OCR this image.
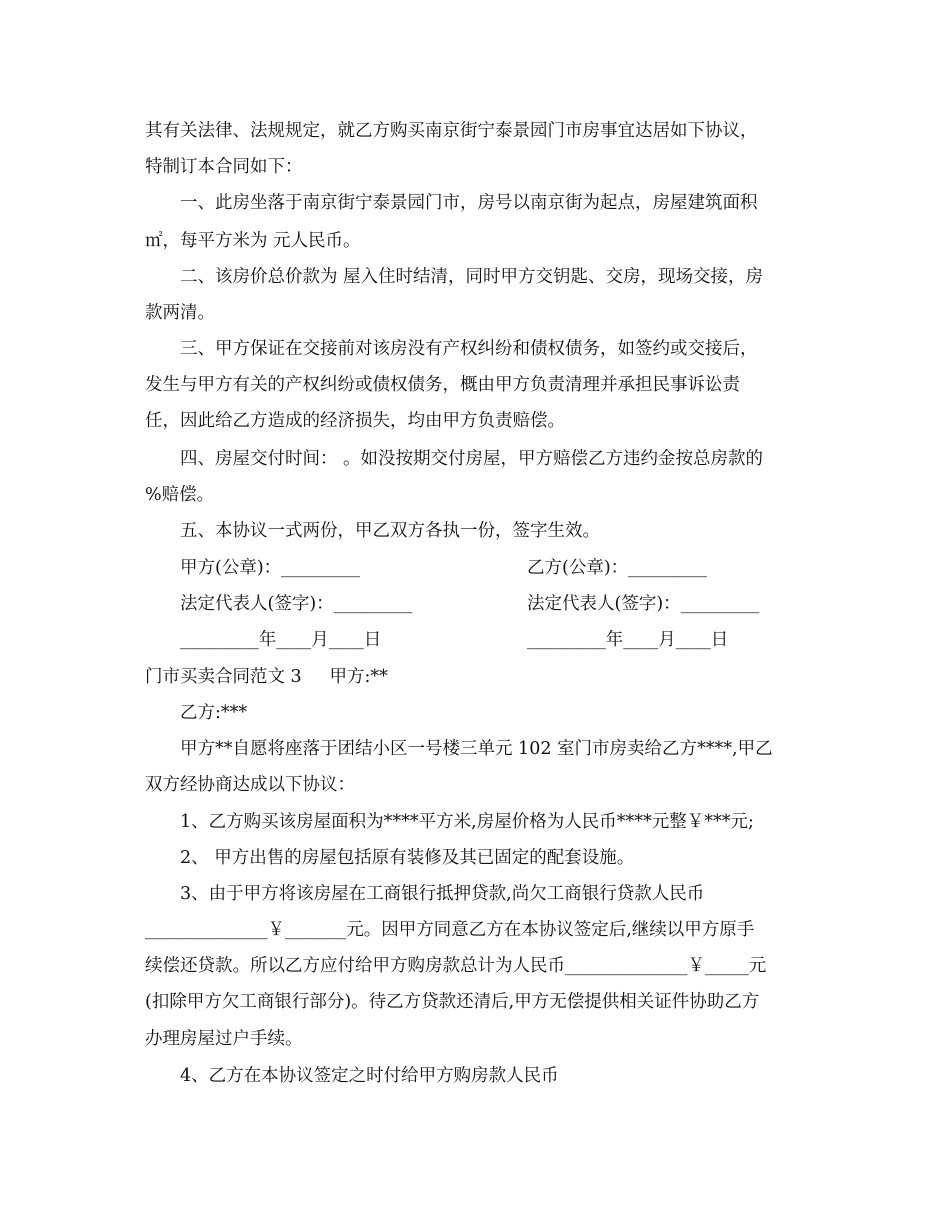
其有关法律、法规规定，就乙方购买南京街宁泰景园门市房事宜达居如下协议，
特制订本合同如下：
一、此房坐落于南京街宁泰景园门市，房号以南京街为起点，房屋建筑面积
㎡，每平方米为 元人民币。
二、该房价总价款为 屋入住时结清，同时甲方交钥匙、交房，现场交接，房
款两清。
三、甲方保证在交接前对该房没有产权纠纷和债权债务，如签约或交接后，
发生与甲方有关的产权纠纷或债权债务，概由甲方负责清理并承担民事诉讼责
任，因此给乙方造成的经济损失，均由甲方负责赔偿。
四、房屋交付时间： 。如没按期交付房屋，甲方赔偿乙方违约金按总房款的
%赔偿。
五、本协议一式两份，甲乙双方各执一份，签字生效。
甲方(公章)：_________	乙方(公章)：_________
法定代表人(签字)：_________	法定代表人(签字)：_________
_________年____月____日	_________年____月____日
门市买卖合同范文 3     甲方:**
乙方:***
甲方**自愿将座落于团结小区一号楼三单元 102 室门市房卖给乙方****,甲乙
双方经协商达成以下协议：
1、乙方购买该房屋面积为****平方米,房屋价格为人民币****元整￥***元;
2、 甲方出售的房屋包括原有装修及其已固定的配套设施。
3、由于甲方将该房屋在工商银行抵押贷款,尚欠工商银行贷款人民币
______________￥_______元。因甲方同意乙方在本协议签定后,继续以甲方原手
续偿还贷款。所以乙方应付给甲方购房款总计为人民币______________￥_____元
(扣除甲方欠工商银行部分)。待乙方贷款还清后,甲方无偿提供相关证件协助乙方
办理房屋过户手续。
4、乙方在本协议签定之时付给甲方购房款人民币
